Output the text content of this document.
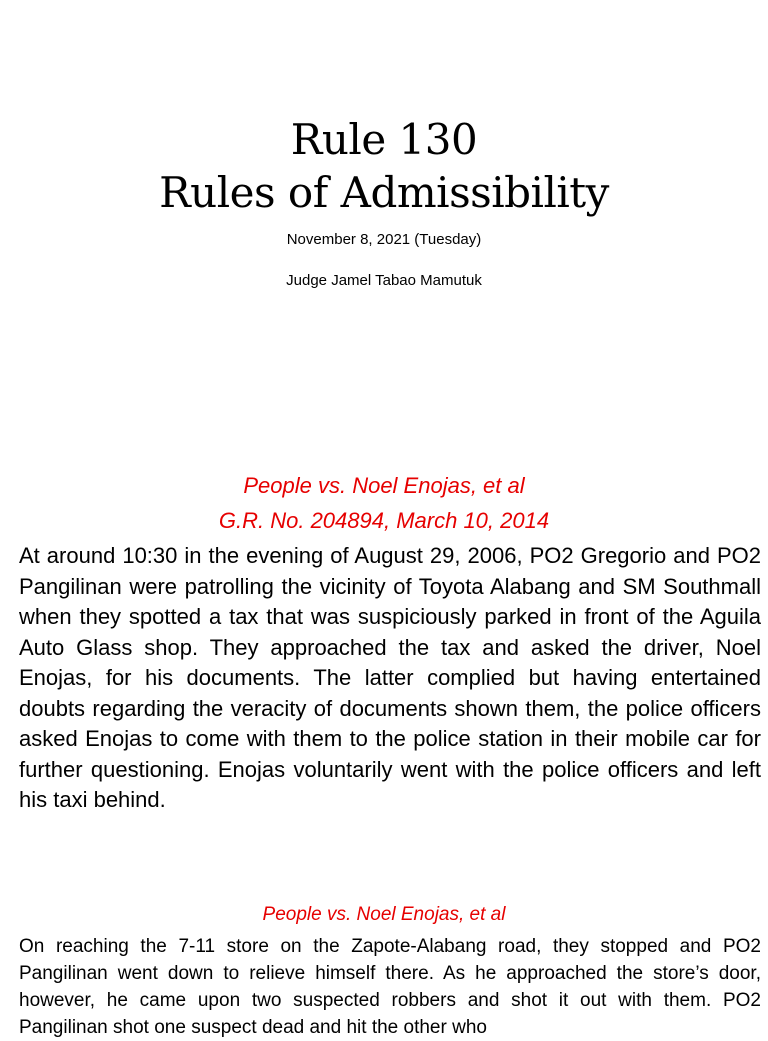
Rule 130
Rules of Admissibility
November 8, 2021 (Tuesday)
Judge Jamel Tabao Mamutuk
People vs. Noel Enojas, et al
G.R. No. 204894, March 10, 2014

At around 10:30 in the evening of August 29, 2006, PO2 Gregorio and PO2 Pangilinan were patrolling the vicinity of Toyota Alabang and SM Southmall when they spotted a tax that was suspiciously parked in front of the Aguila Auto Glass shop. They approached the tax and asked the driver, Noel Enojas, for his documents. The latter complied but having entertained doubts regarding the veracity of documents shown them, the police officers asked Enojas to come with them to the police station in their mobile car for further questioning. Enojas voluntarily went with the police officers and left his taxi behind.

People vs. Noel Enojas, et al

On reaching the 7-11 store on the Zapote-Alabang road, they stopped and PO2 Pangilinan went down to relieve himself there. As he approached the store’s door, however, he came upon two suspected robbers and shot it out with them. PO2 Pangilinan shot one suspect dead and hit the other who
